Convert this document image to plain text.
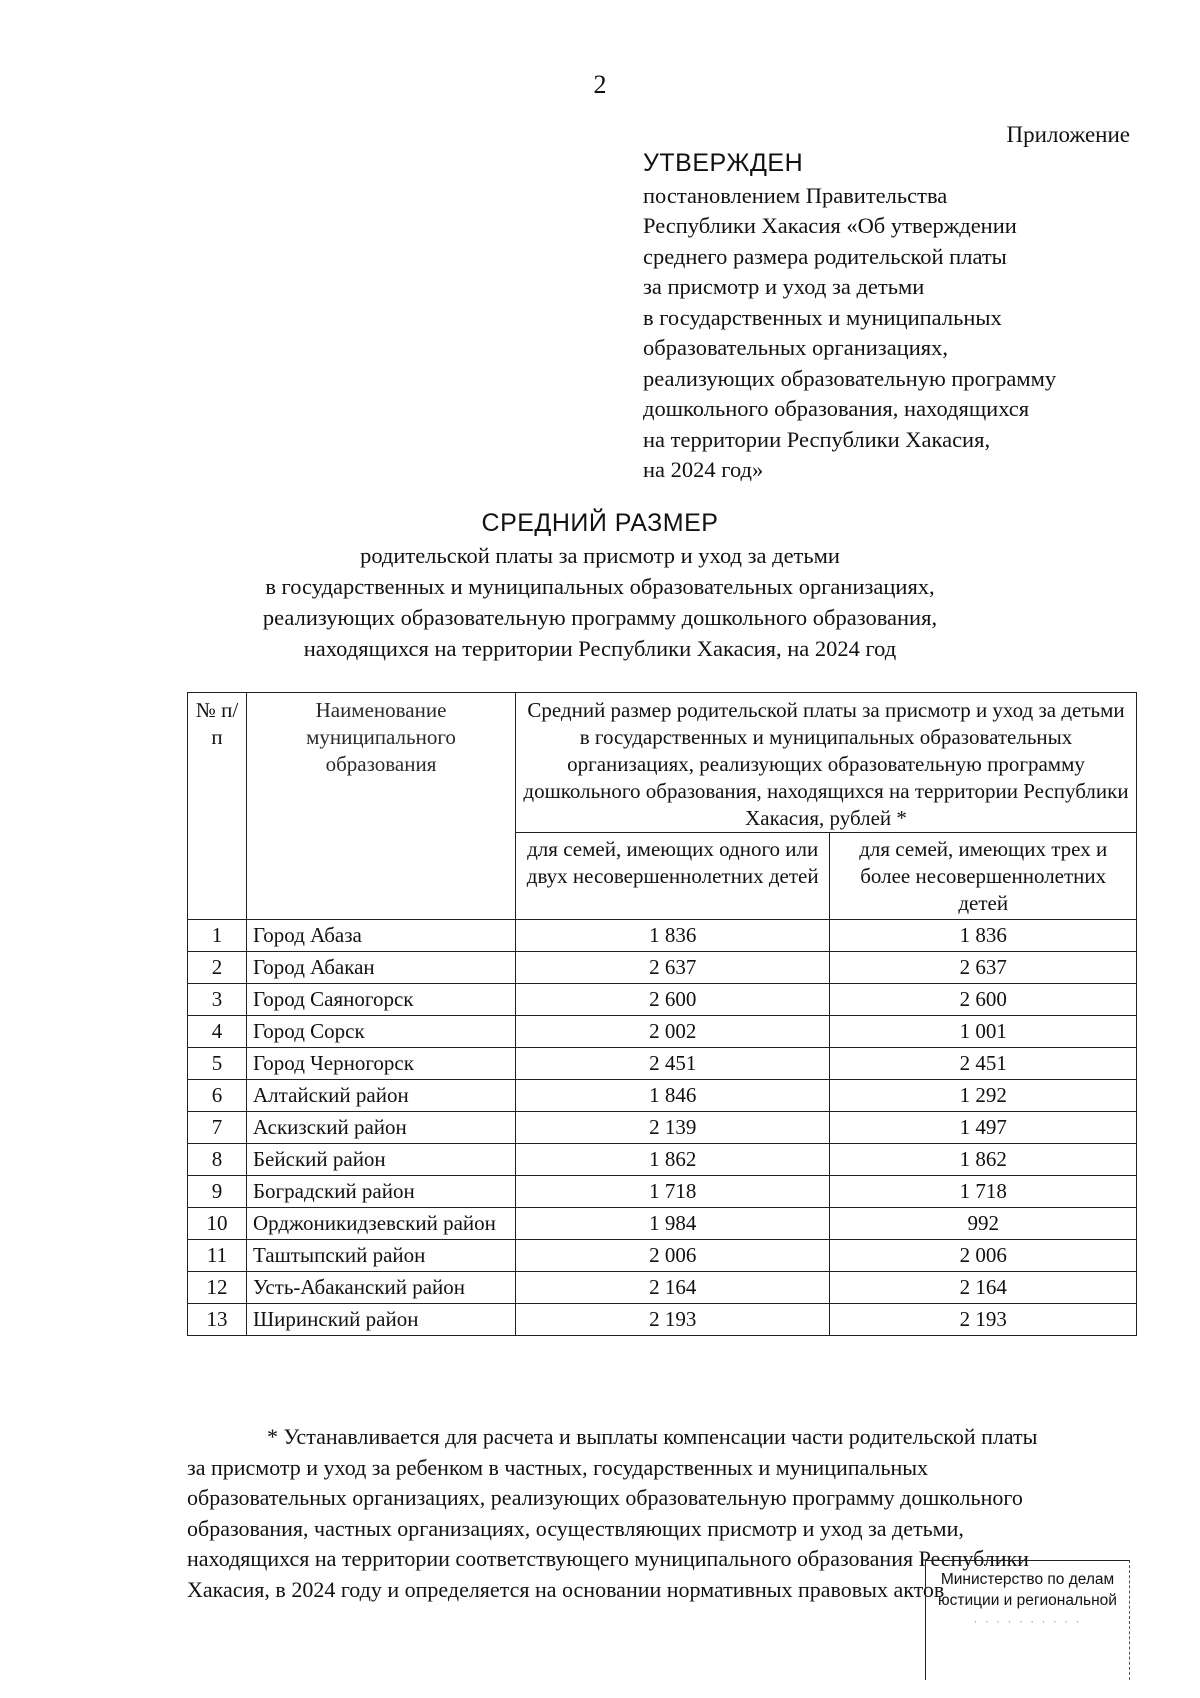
2
Приложение
УТВЕРЖДЕН
постановлением Правительства
Республики Хакасия «Об утверждении
среднего размера родительской платы
за присмотр и уход за детьми
в государственных и муниципальных
образовательных организациях,
реализующих образовательную программу
дошкольного образования, находящихся
на территории Республики Хакасия,
на 2024 год»
СРЕДНИЙ РАЗМЕР
родительской платы за присмотр и уход за детьми
в государственных и муниципальных образовательных организациях,
реализующих образовательную программу дошкольного образования,
находящихся на территории Республики Хакасия, на 2024 год
№ п/п	Наименование муниципального образования	Средний размер родительской платы за присмотр и уход за детьми в государственных и муниципальных образовательных организациях, реализующих образовательную программу дошкольного образования, находящихся на территории Республики Хакасия, рублей *	
		для семей, имеющих одного или двух несовершеннолетних детей	для семей, имеющих трех и более несовершеннолетних детей
1	Город Абаза	1 836	1 836
2	Город Абакан	2 637	2 637
3	Город Саяногорск	2 600	2 600
4	Город Сорск	2 002	1 001
5	Город Черногорск	2 451	2 451
6	Алтайский район	1 846	1 292
7	Аскизский район	2 139	1 497
8	Бейский район	1 862	1 862
9	Боградский район	1 718	1 718
10	Орджоникидзевский район	1 984	992
11	Таштыпский район	2 006	2 006
12	Усть-Абаканский район	2 164	2 164
13	Ширинский район	2 193	2 193
* Устанавливается для расчета и выплаты компенсации части родительской платы
за присмотр и уход за ребенком в частных, государственных и муниципальных
образовательных организациях, реализующих образовательную программу дошкольного
образования, частных организациях, осуществляющих присмотр и уход за детьми,
находящихся на территории соответствующего муниципального образования Республики
Хакасия, в 2024 году и определяется на основании нормативных правовых актов
Министерство по делам
юстиции и региональной
· · · · · · · · · ·
